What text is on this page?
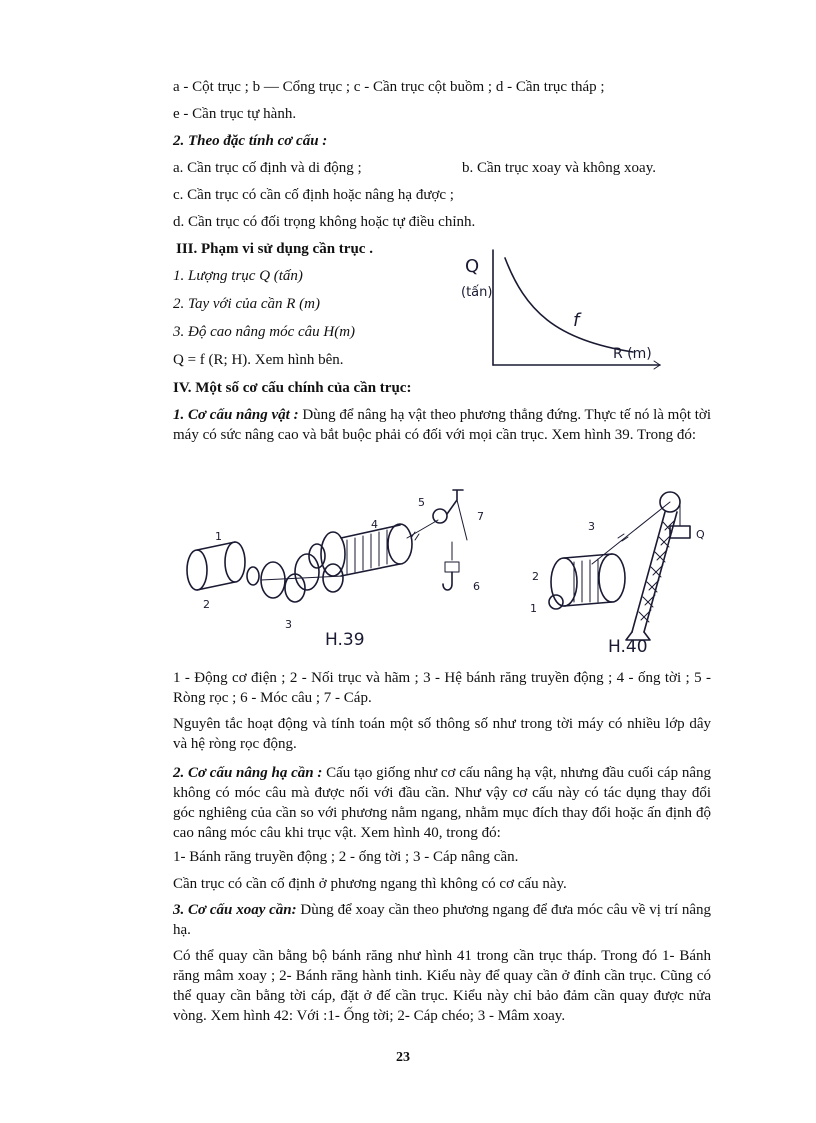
a - Cột trục ; b — Cổng trục ; c - Cần trục cột buồm ; d - Cần trục tháp ;
e - Cần trục tự hành.
2. Theo đặc tính cơ cấu :
a. Cần trục cố định và di động ;	b. Cần trục xoay và không xoay.
c. Cần trục có cần cố định hoặc nâng hạ được ;
d. Cần trục có đối trọng không hoặc tự điều chỉnh.
III. Phạm vi sử dụng cần trục .
1. Lượng trục Q (tấn)
2. Tay với của cần R (m)
3. Độ cao nâng móc câu H(m)
Q = f (R; H). Xem hình bên.
Q
(tấn)
f
R (m)
IV. Một số cơ cấu chính của cần trục:
1. Cơ cấu nâng vật : Dùng để nâng hạ vật theo phương thẳng đứng. Thực tế nó là một tời máy có sức nâng cao và bắt buộc phải có đối với mọi cần trục. Xem hình 39. Trong đó:
1
2
3
4
5
6
7
H.39
2
1
3
Q
H.40
1 - Động cơ điện ; 2 - Nối trục và hãm ; 3 - Hệ bánh răng truyền động ; 4 - ống tời ; 5 - Ròng rọc ; 6 - Móc câu ; 7 - Cáp.
Nguyên tắc hoạt động và tính toán một số thông số như trong tời máy có nhiều lớp dây và hệ ròng rọc động.
2. Cơ cấu nâng hạ cần : Cấu tạo giống như cơ cấu nâng hạ vật, nhưng đầu cuối cáp nâng không có móc câu mà được nối với đầu cần. Như vậy cơ cấu này có tác dụng thay đổi góc nghiêng của cần so với phương nằm ngang, nhằm mục đích thay đổi hoặc ấn định độ cao nâng móc câu khi trục vật. Xem hình 40, trong đó:
1- Bánh răng truyền động ; 2 - ống tời ; 3 - Cáp nâng cần.
Cần trục có cần cố định ở phương ngang thì không có cơ cấu này.
3. Cơ cấu xoay cần: Dùng để xoay cần theo phương ngang để đưa móc câu về vị trí nâng hạ.
Có thể quay cần bằng bộ bánh răng như hình 41 trong cần trục tháp. Trong đó 1- Bánh răng mâm xoay ; 2- Bánh răng hành tinh. Kiểu này để quay cần ở đỉnh cần trục. Cũng có thể quay cần bằng tời cáp, đặt ở đế cần trục. Kiểu này chỉ bảo đảm cần quay được nửa vòng. Xem hình 42: Với :1- Ống tời; 2- Cáp chéo; 3 - Mâm xoay.
23
